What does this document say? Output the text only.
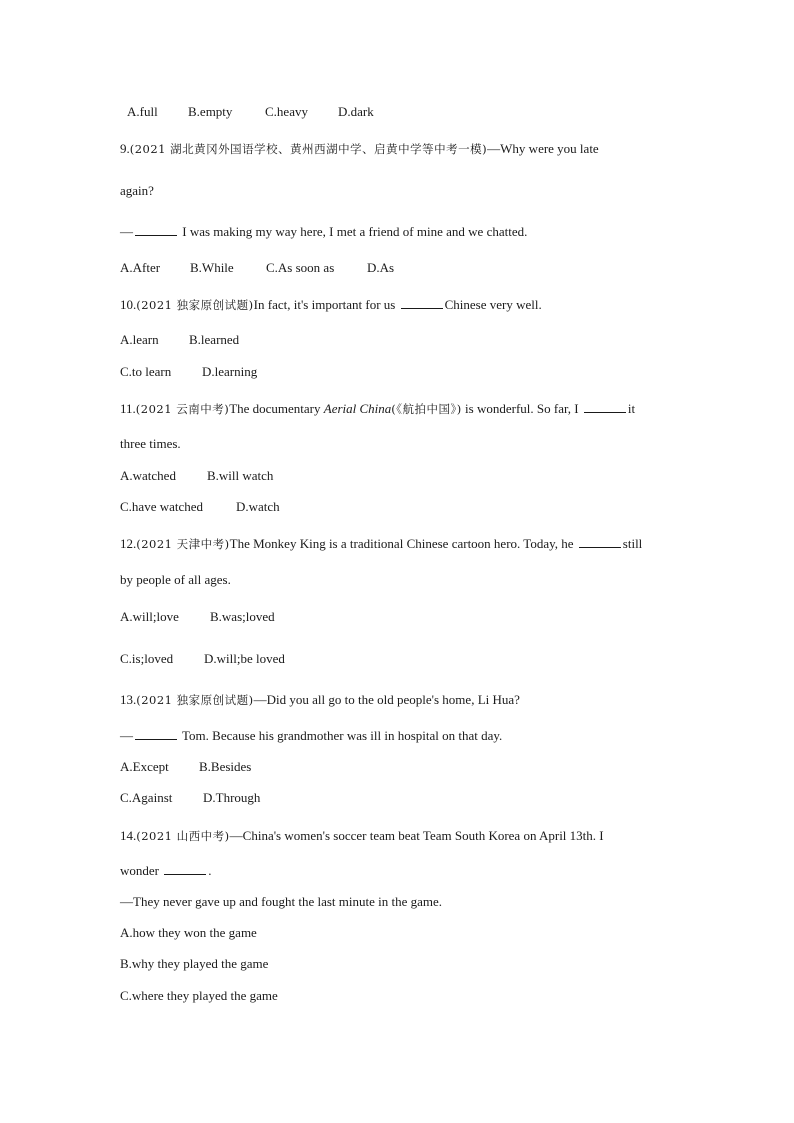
A.full B.empty	C.heavy D.dark
9.(2021 湖北黄冈外国语学校、黄州西湖中学、启黄中学等中考一模)—Why were you late
again?
—	I was making my way here, I met a friend of mine and we chatted.
A.After B.While C.As soon as	D.As
10.(2021 独家原创试题)In fact, it's important for us	Chinese very well.
A.learn B.learned
C.to learn D.learning
11.(2021 云南中考)The documentary Aerial China(《航拍中国》) is wonderful. So far, I	it
three times.
A.watched B.will watch
C.have watched	D.watch
12.(2021 天津中考)The Monkey King is a traditional Chinese cartoon hero. Today, he	still
by people of all ages.
A.will;love B.was;loved
C.is;loved D.will;be loved
13.(2021 独家原创试题)—Did you all go to the old people's home, Li Hua?
—	Tom. Because his grandmother was ill in hospital on that day.
A.Except B.Besides
C.Against D.Through
14.(2021 山西中考)—China's women's soccer team beat Team South Korea on April 13th. I
wonder	.
—They never gave up and fought the last minute in the game.
A.how they won the game
B.why they played the game
C.where they played the game
